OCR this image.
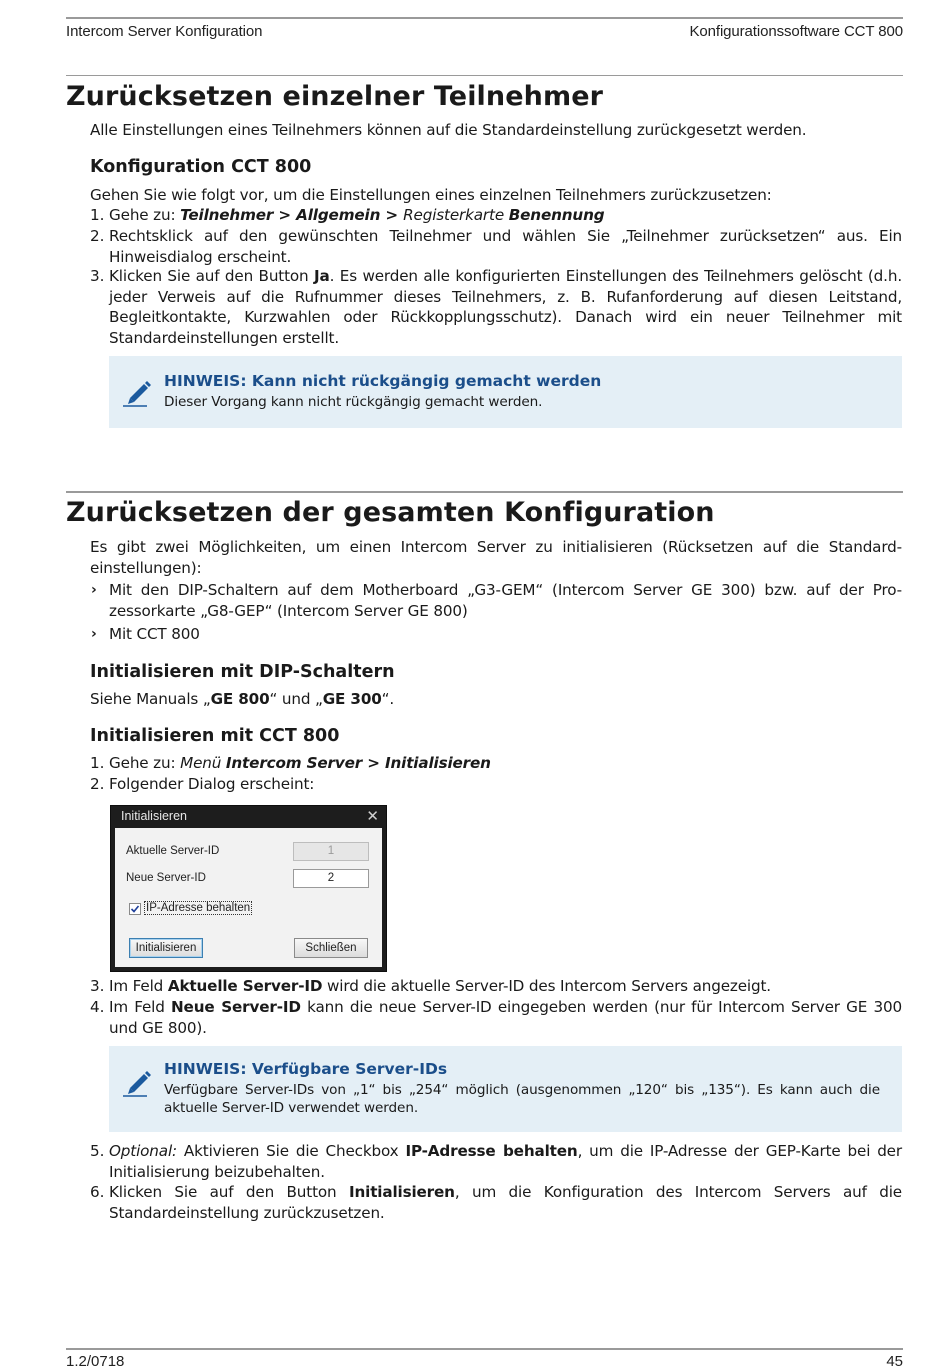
Intercom Server Konfiguration	Konfigurationssoftware CCT 800
Zurücksetzen einzelner Teilnehmer

Alle Einstellungen eines Teilnehmers können auf die Standardeinstellung zurückgesetzt werden.

Konfiguration CCT 800

Gehen Sie wie folgt vor, um die Einstellungen eines einzelnen Teilnehmers zurückzusetzen:

1. Gehe zu: Teilnehmer > Allgemein > Registerkarte Benennung

2. Rechtsklick auf den gewünschten Teilnehmer und wählen Sie „Teilnehmer zurücksetzen“ aus. Ein Hinweisdialog erscheint.

3. Klicken Sie auf den Button Ja. Es werden alle konfigurierten Einstellungen des Teilnehmers gelöscht (d.h. jeder Verweis auf die Rufnummer dieses Teilnehmers, z. B. Rufanforderung auf diesen Leitstand, Begleitkontakte, Kurzwahlen oder Rückkopplungsschutz). Danach wird ein neuer Teilnehmer mit Standardeinstellungen erstellt.

HINWEIS: Kann nicht rückgängig gemacht werden
Dieser Vorgang kann nicht rückgängig gemacht werden.
Zurücksetzen der gesamten Konfiguration

Es gibt zwei Möglichkeiten, um einen Intercom Server zu initialisieren (Rücksetzen auf die Standard-einstellungen):

› Mit den DIP-Schaltern auf dem Motherboard „G3-GEM“ (Intercom Server GE 300) bzw. auf der Pro-zessorkarte „G8-GEP“ (Intercom Server GE 800)

› Mit CCT 800

Initialisieren mit DIP-Schaltern

Siehe Manuals „GE 800“ und „GE 300“.

Initialisieren mit CCT 800
1. Gehe zu: Menü Intercom Server > Initialisieren

2. Folgender Dialog erscheint:

Initialisieren	✕
Aktuelle Server-ID	1
Neue Server-ID	2
IP-Adresse behalten
Initialisieren	Schließen
3. Im Feld Aktuelle Server-ID wird die aktuelle Server-ID des Intercom Servers angezeigt.

4. Im Feld Neue Server-ID kann die neue Server-ID eingegeben werden (nur für Intercom Server GE 300 und GE 800).

HINWEIS: Verfügbare Server-IDs
Verfügbare Server-IDs von „1“ bis „254“ möglich (ausgenommen „120“ bis „135“). Es kann auch die aktuelle Server-ID verwendet werden.
5. Optional: Aktivieren Sie die Checkbox IP-Adresse behalten, um die IP-Adresse der GEP-Karte bei der Initialisierung beizubehalten.

6. Klicken Sie auf den Button Initialisieren, um die Konfiguration des Intercom Servers auf die Standardeinstellung zurückzusetzen.

1.2/0718	45
